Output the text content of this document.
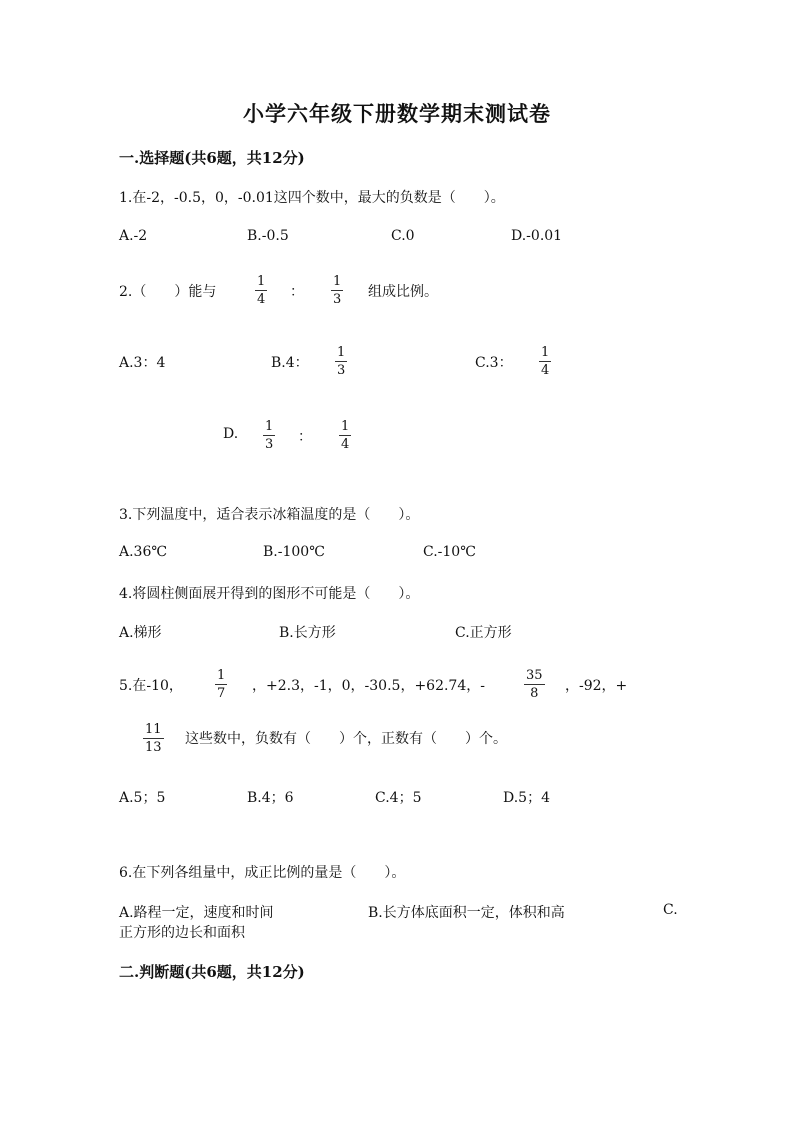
小学六年级下册数学期末测试卷
一.选择题(共6题，共12分)
1.在-2，-0.5，0，-0.01这四个数中，最大的负数是（　　）。
A.-2	B.-0.5	C.0	D.-0.01
2.（　　）能与
1
4 ：
1
3 组成比例。
A.3：4	B.4：
1
3	C.3：
1
4
D. 1
3 ：
1
4
3.下列温度中，适合表示冰箱温度的是（　　）。
A.36℃	B.-100℃	C.-10℃
4.将圆柱侧面展开得到的图形不可能是（　　）。
A.梯形	B.长方形	C.正方形
5.在-10，
1
7 ，+2.3，-1，0，-30.5，+62.74，-
35
8 ，-92，+
11
13
这些数中，负数有（　　）个，正数有（　　）个。
A.5；5	B.4；6	C.4；5	D.5；4
6.在下列各组量中，成正比例的量是（　　）。
A.路程一定，速度和时间	B.长方体底面积一定，体积和高	C.
正方形的边长和面积
二.判断题(共6题，共12分)
